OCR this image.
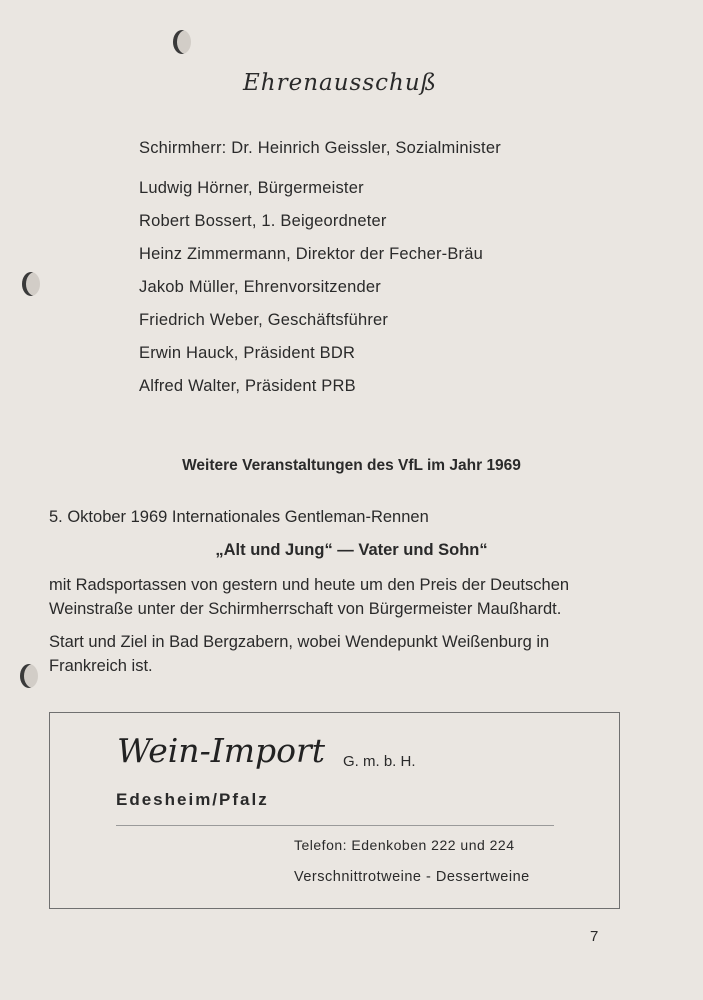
Ehrenausschuß
Schirmherr: Dr. Heinrich Geissler, Sozialminister
Ludwig Hörner, Bürgermeister
Robert Bossert, 1. Beigeordneter
Heinz Zimmermann, Direktor der Fecher-Bräu
Jakob Müller, Ehrenvorsitzender
Friedrich Weber, Geschäftsführer
Erwin Hauck, Präsident BDR
Alfred Walter, Präsident PRB
Weitere Veranstaltungen des VfL im Jahr 1969
5. Oktober 1969 Internationales Gentleman-Rennen
„Alt und Jung“ — Vater und Sohn“

mit Radsportassen von gestern und heute um den Preis der Deutschen Weinstraße unter der Schirmherrschaft von Bürgermeister Maußhardt.

Start und Ziel in Bad Bergzabern, wobei Wendepunkt Weißenburg in Frankreich ist.

Wein-Import G. m. b. H.
Edesheim/Pfalz
Telefon: Edenkoben 222 und 224
Verschnittrotweine - Dessertweine
7
